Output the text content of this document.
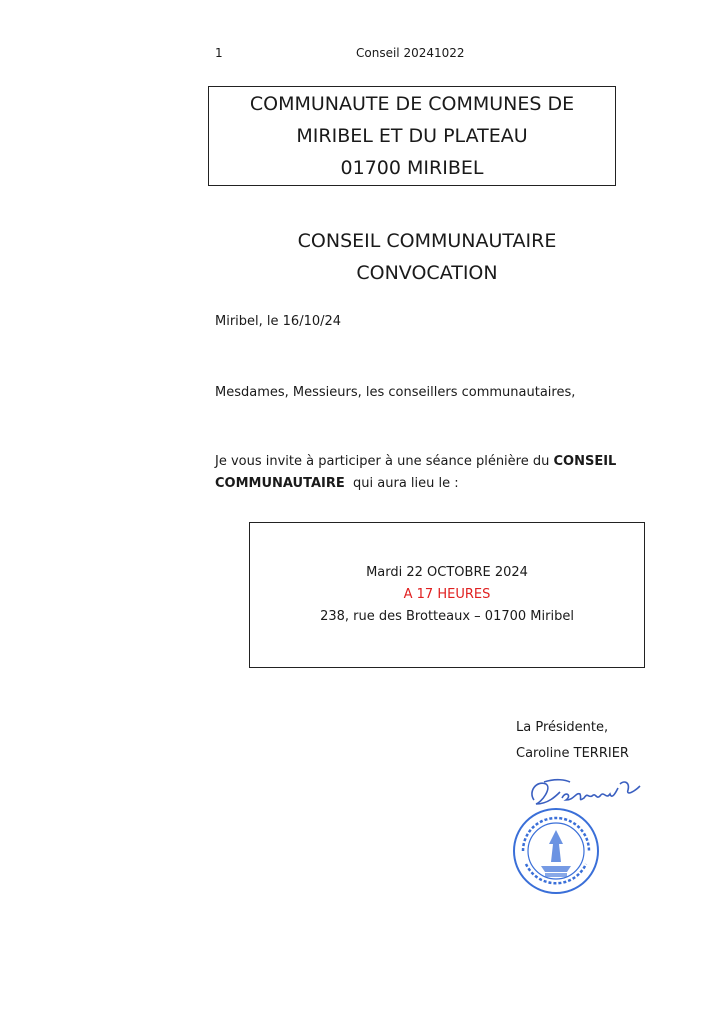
1	Conseil 20241022
COMMUNAUTE DE COMMUNES DE
MIRIBEL ET DU PLATEAU
01700 MIRIBEL
CONSEIL COMMUNAUTAIRE
CONVOCATION
Miribel, le 16/10/24
Mesdames, Messieurs, les conseillers communautaires,
Je vous invite à participer à une séance plénière du CONSEIL COMMUNAUTAIRE  qui aura lieu le :
Mardi 22 OCTOBRE 2024
A 17 HEURES
238, rue des Brotteaux – 01700 Miribel
La Présidente,
Caroline TERRIER
